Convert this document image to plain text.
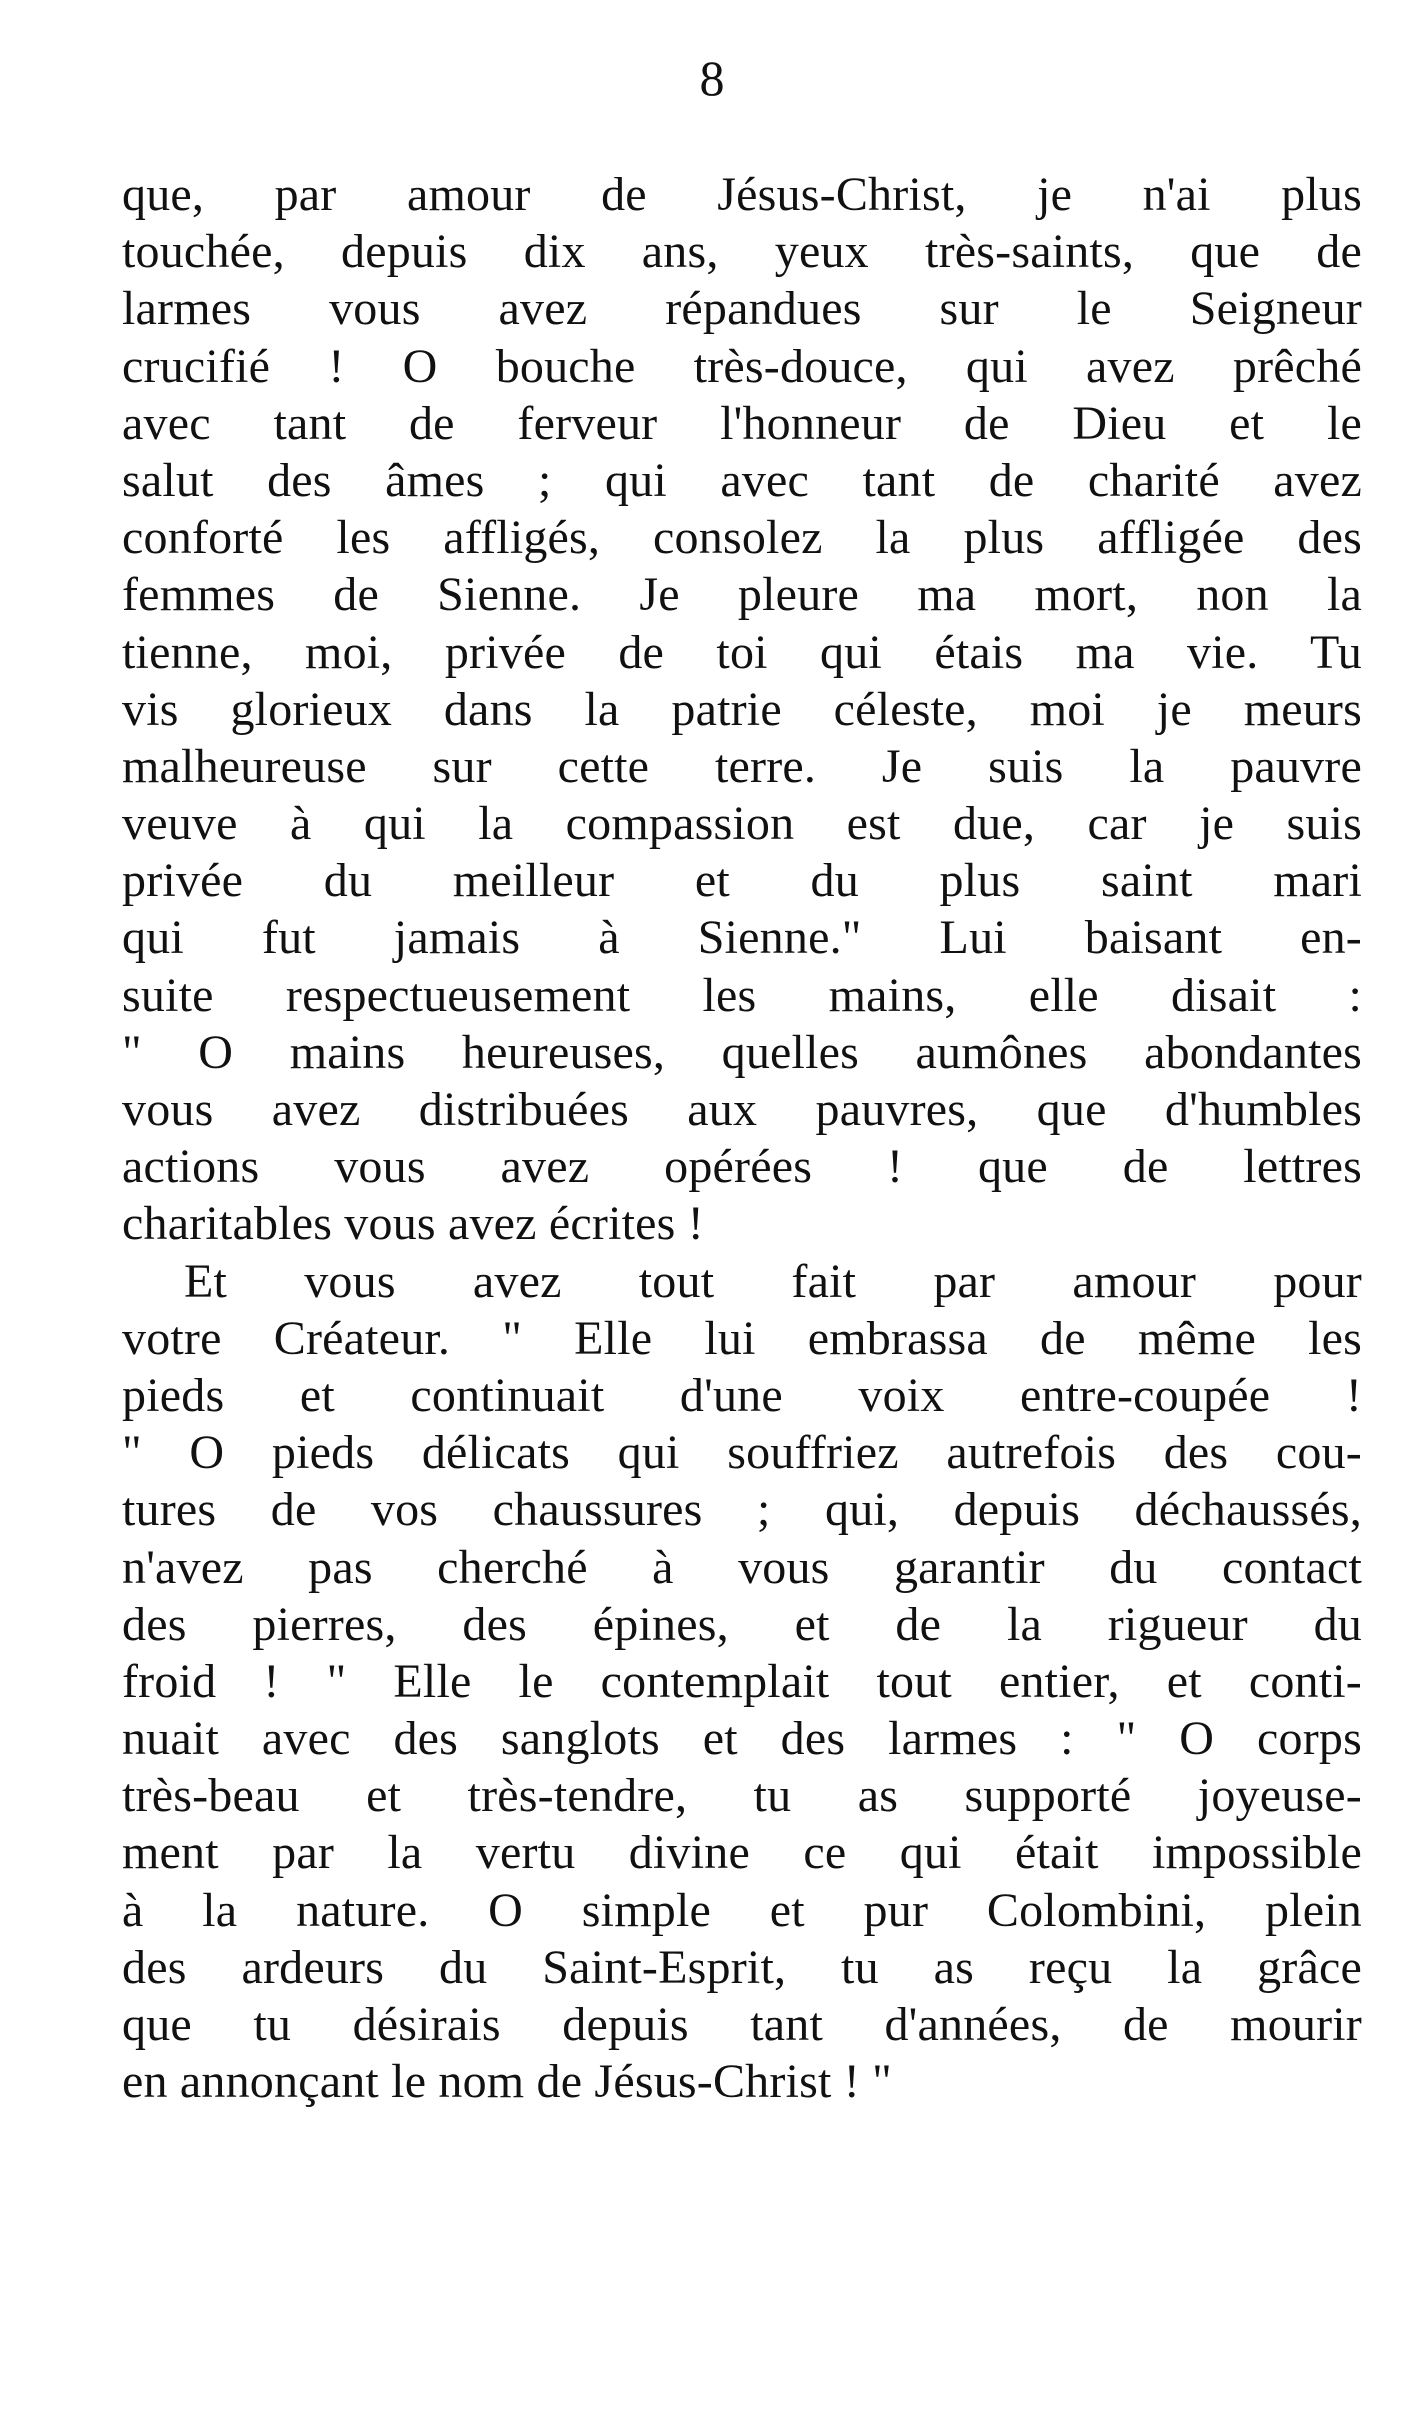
8
que, par amour de Jésus-Christ, je n'ai plus
touchée, depuis dix ans, yeux très-saints, que de
larmes vous avez répandues sur le Seigneur
crucifié ! O bouche très-douce, qui avez prêché
avec tant de ferveur l'honneur de Dieu et le
salut des âmes ; qui avec tant de charité avez
conforté les affligés, consolez la plus affligée des
femmes de Sienne. Je pleure ma mort, non la
tienne, moi, privée de toi qui étais ma vie. Tu
vis glorieux dans la patrie céleste, moi je meurs
malheureuse sur cette terre. Je suis la pauvre
veuve à qui la compassion est due, car je suis
privée du meilleur et du plus saint mari
qui fut jamais à Sienne." Lui baisant en-
suite respectueusement les mains, elle disait :
" O mains heureuses, quelles aumônes abondantes
vous avez distribuées aux pauvres, que d'humbles
actions vous avez opérées ! que de lettres
charitables vous avez écrites !
Et vous avez tout fait par amour pour
votre Créateur. " Elle lui embrassa de même les
pieds et continuait d'une voix entre-coupée !
" O pieds délicats qui souffriez autrefois des cou-
tures de vos chaussures ; qui, depuis déchaussés,
n'avez pas cherché à vous garantir du contact
des pierres, des épines, et de la rigueur du
froid ! " Elle le contemplait tout entier, et conti-
nuait avec des sanglots et des larmes : " O corps
très-beau et très-tendre, tu as supporté joyeuse-
ment par la vertu divine ce qui était impossible
à la nature. O simple et pur Colombini, plein
des ardeurs du Saint-Esprit, tu as reçu la grâce
que tu désirais depuis tant d'années, de mourir
en annonçant le nom de Jésus-Christ ! "
